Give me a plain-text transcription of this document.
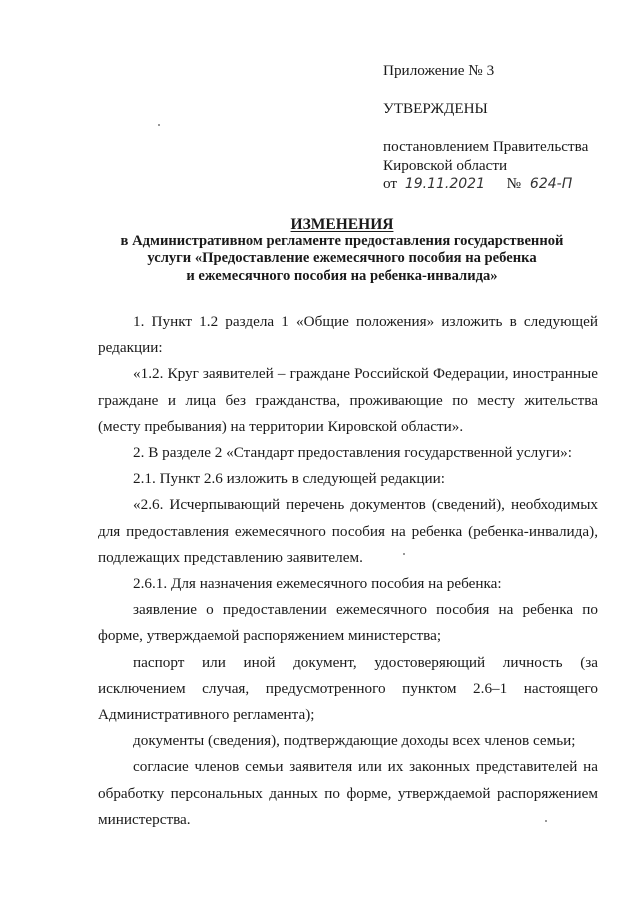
Приложение № 3
УТВЕРЖДЕНЫ
постановлением Правительства
Кировской области
от 19.11.2021 № 624-П
ИЗМЕНЕНИЯ
в Административном регламенте предоставления государственной
услуги «Предоставление ежемесячного пособия на ребенка
и ежемесячного пособия на ребенка-инвалида»
1. Пункт 1.2 раздела 1 «Общие положения» изложить в следующей редакции:
«1.2. Круг заявителей – граждане Российской Федерации, иностранные граждане и лица без гражданства, проживающие по месту жительства (месту пребывания) на территории Кировской области».
2. В разделе 2 «Стандарт предоставления государственной услуги»:
2.1. Пункт 2.6 изложить в следующей редакции:
«2.6. Исчерпывающий перечень документов (сведений), необходимых для предоставления ежемесячного пособия на ребенка (ребенка-инвалида), подлежащих представлению заявителем.
2.6.1. Для назначения ежемесячного пособия на ребенка:
заявление о предоставлении ежемесячного пособия на ребенка по форме, утверждаемой распоряжением министерства;
паспорт или иной документ, удостоверяющий личность (за исключением случая, предусмотренного пунктом 2.6–1 настоящего Административного регламента);
документы (сведения), подтверждающие доходы всех членов семьи;
согласие членов семьи заявителя или их законных представителей на обработку персональных данных по форме, утверждаемой распоряжением министерства.
